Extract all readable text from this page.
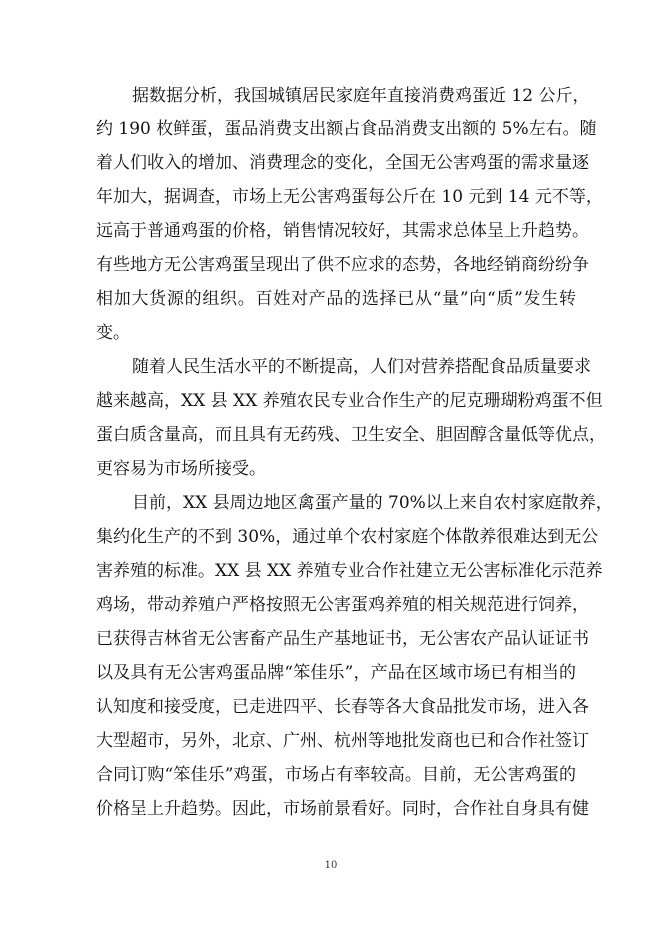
据数据分析，我国城镇居民家庭年直接消费鸡蛋近 12 公斤，
约 190 枚鲜蛋，蛋品消费支出额占食品消费支出额的 5%左右。随
着人们收入的增加、消费理念的变化，全国无公害鸡蛋的需求量逐
年加大，据调查，市场上无公害鸡蛋每公斤在 10 元到 14 元不等，
远高于普通鸡蛋的价格，销售情况较好，其需求总体呈上升趋势。
有些地方无公害鸡蛋呈现出了供不应求的态势，各地经销商纷纷争
相加大货源的组织。百姓对产品的选择已从“量”向“质”发生转
变。
随着人民生活水平的不断提高，人们对营养搭配食品质量要求
越来越高，XX 县 XX 养殖农民专业合作生产的尼克珊瑚粉鸡蛋不但
蛋白质含量高，而且具有无药残、卫生安全、胆固醇含量低等优点，
更容易为市场所接受。
目前，XX 县周边地区禽蛋产量的 70%以上来自农村家庭散养，
集约化生产的不到 30%，通过单个农村家庭个体散养很难达到无公
害养殖的标准。XX 县 XX 养殖专业合作社建立无公害标准化示范养
鸡场，带动养殖户严格按照无公害蛋鸡养殖的相关规范进行饲养，
已获得吉林省无公害畜产品生产基地证书，无公害农产品认证证书
以及具有无公害鸡蛋品牌“笨佳乐”，产品在区域市场已有相当的
认知度和接受度，已走进四平、长春等各大食品批发市场，进入各
大型超市，另外，北京、广州、杭州等地批发商也已和合作社签订
合同订购“笨佳乐”鸡蛋，市场占有率较高。目前，无公害鸡蛋的
价格呈上升趋势。因此，市场前景看好。同时，合作社自身具有健
10
